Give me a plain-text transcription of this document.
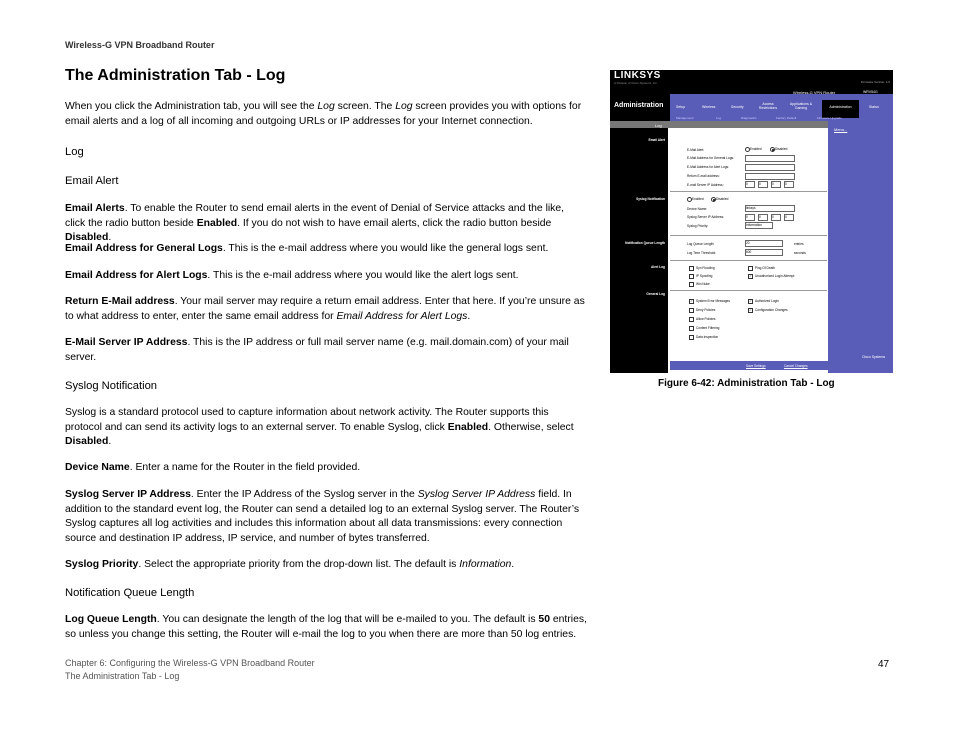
Wireless-G VPN Broadband Router
The Administration Tab - Log

When you click the Administration tab, you will see the Log screen. The Log screen provides you with options for email alerts and a log of all incoming and outgoing URLs or IP addresses for your Internet connection.

Log
Email Alert

Email Alerts. To enable the Router to send email alerts in the event of Denial of Service attacks and the like, click the radio button beside Enabled. If you do not wish to have email alerts, click the radio button beside Disabled.

Email Address for General Logs. This is the e-mail address where you would like the general logs sent.

Email Address for Alert Logs. This is the e-mail address where you would like the alert logs sent.

Return E-Mail address. Your mail server may require a return email address. Enter that here. If you’re unsure as to what address to enter, enter the same email address for Email Address for Alert Logs.

E-Mail Server IP Address. This is the IP address or full mail server name (e.g. mail.domain.com) of your mail server.

Syslog Notification

Syslog is a standard protocol used to capture information about network activity. The Router supports this protocol and can send its activity logs to an external server. To enable Syslog, click Enabled. Otherwise, select Disabled.

Device Name. Enter a name for the Router in the field provided.

Syslog Server IP Address. Enter the IP Address of the Syslog server in the Syslog Server IP Address field. In addition to the standard event log, the Router can send a detailed log to an external Syslog server. The Router’s Syslog captures all log activities and includes this information about all data transmissions: every connection source and destination IP address, IP service, and number of bytes transferred.

Syslog Priority. Select the appropriate priority from the drop-down list. The default is Information.

Notification Queue Length

Log Queue Length. You can designate the length of the log that will be e-mailed to you. The default is 50 entries, so unless you change this setting, the Router will e-mail the log to you when there are more than 50 log entries.

LINKSYS
A Division of Cisco Systems, Inc.	Firmware Version: 1.0
Administration
Wireless-G VPN Router	WRV54G
Setup	Wireless	Security
Access Restrictions
Applications & Gaming	Administration	Status
Management	Log	Diagnostics	Factory Default	Firmware Upgrade
Log
Menu...
Email Alert
Syslog Notification
Notification Queue Length
Alert Log
General Log
E-Mail Alert:	Enabled	Disabled
E-Mail Address for General Logs:
E-Mail Address for Alert Logs:
Return E-mail address:
E-mail Server IP Address :	0	0	0	0
Enabled	Disabled
Device Name:	linksys
Syslog Server IP Address:	0	0	0	0
Syslog Priority:	Information
Log Queue Length:	20	entries
Log Time Threshold:	600	seconds
Syn Flooding	Ping Of Death
IP Spoofing	✓	Unauthorized Login Attempt
Win Nuke
✓	System Error Messages	✓	Authorized Login
Deny Policies	✓	Configuration Changes
Allow Policies
Content Filtering
Data Inspection
Save Settings	Cancel Changes
Cisco Systems
Figure 6-42: Administration Tab - Log
Chapter 6: Configuring the Wireless-G VPN Broadband Router
The Administration Tab - Log
47
